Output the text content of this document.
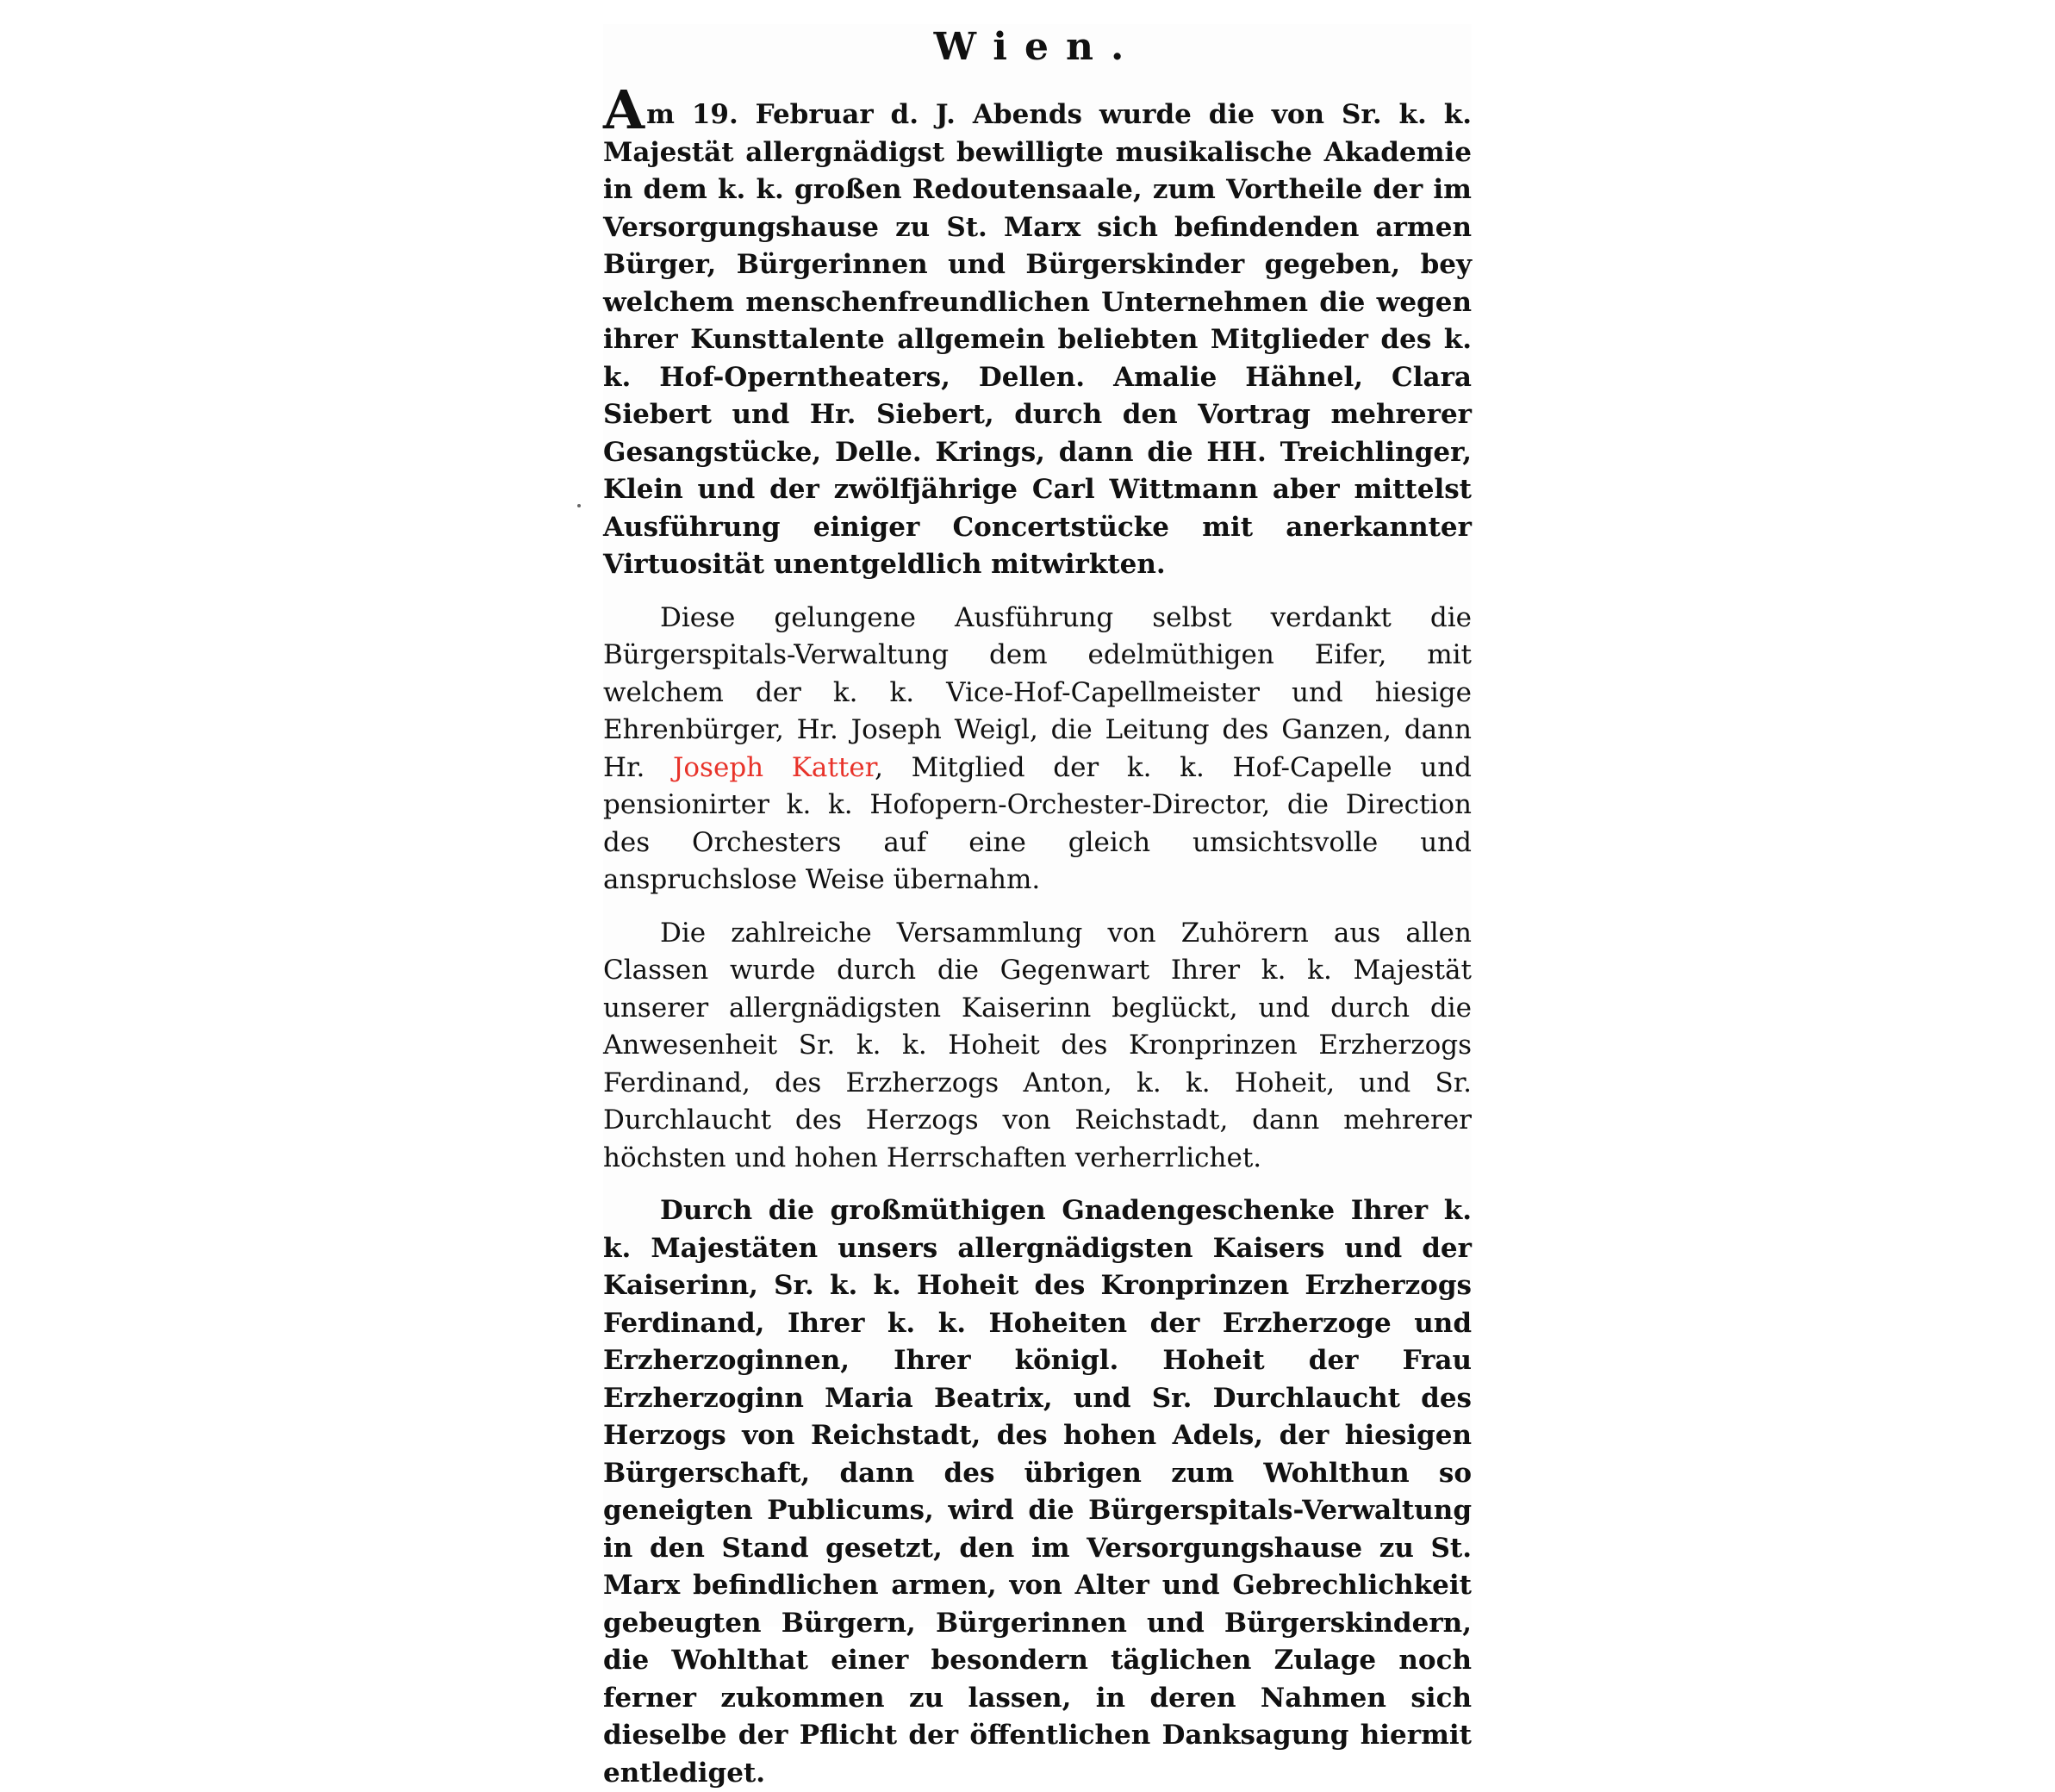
Wien.

Am 19. Februar d. J. Abends wurde die von Sr. k. k. Majestät allergnädigst bewilligte musikalische Akademie in dem k. k. großen Redoutensaale, zum Vortheile der im Versorgungshause zu St. Marx sich befindenden armen Bürger, Bürgerinnen und Bürgerskinder gegeben, bey welchem menschenfreundlichen Unternehmen die wegen ihrer Kunsttalente allgemein beliebten Mitglieder des k. k. Hof-Operntheaters, Dellen. Amalie Hähnel, Clara Siebert und Hr. Siebert, durch den Vortrag mehrerer Gesangstücke, Delle. Krings, dann die HH. Treichlinger, Klein und der zwölfjährige Carl Wittmann aber mittelst Ausführung einiger Concertstücke mit anerkannter Virtuosität unentgeldlich mitwirkten.

Diese gelungene Ausführung selbst verdankt die Bürgerspitals-Verwaltung dem edelmüthigen Eifer, mit welchem der k. k. Vice-Hof-Capellmeister und hiesige Ehrenbürger, Hr. Joseph Weigl, die Leitung des Ganzen, dann Hr. Joseph Katter, Mitglied der k. k. Hof-Capelle und pensionirter k. k. Hofopern-Orchester-Director, die Direction des Orchesters auf eine gleich umsichtsvolle und anspruchslose Weise übernahm.

Die zahlreiche Versammlung von Zuhörern aus allen Classen wurde durch die Gegenwart Ihrer k. k. Majestät unserer allergnädigsten Kaiserinn beglückt, und durch die Anwesenheit Sr. k. k. Hoheit des Kronprinzen Erzherzogs Ferdinand, des Erzherzogs Anton, k. k. Hoheit, und Sr. Durchlaucht des Herzogs von Reichstadt, dann mehrerer höchsten und hohen Herrschaften verherrlichet.

Durch die großmüthigen Gnadengeschenke Ihrer k. k. Majestäten unsers allergnädigsten Kaisers und der Kaiserinn, Sr. k. k. Hoheit des Kronprinzen Erzherzogs Ferdinand, Ihrer k. k. Hoheiten der Erzherzoge und Erzherzoginnen, Ihrer königl. Hoheit der Frau Erzherzoginn Maria Beatrix, und Sr. Durchlaucht des Herzogs von Reichstadt, des hohen Adels, der hiesigen Bürgerschaft, dann des übrigen zum Wohlthun so geneigten Publicums, wird die Bürgerspitals-Verwaltung in den Stand gesetzt, den im Versorgungshause zu St. Marx befindlichen armen, von Alter und Gebrechlichkeit gebeugten Bürgern, Bürgerinnen und Bürgerskindern, die Wohlthat einer besondern täglichen Zulage noch ferner zukommen zu lassen, in deren Nahmen sich dieselbe der Pflicht der öffentlichen Danksagung hiermit entlediget.
